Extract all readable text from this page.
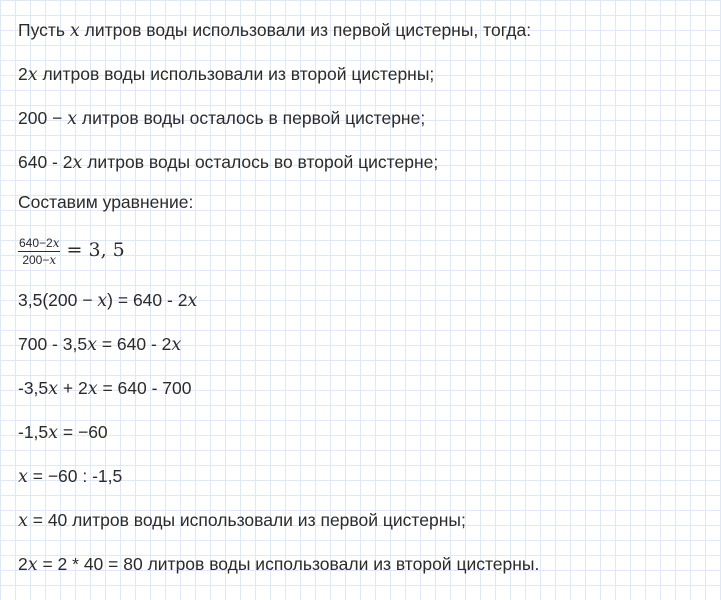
Пусть x литров воды использовали из первой цистерны, тогда:
2x литров воды использовали из второй цистерны;
200 − x литров воды осталось в первой цистерне;
640 - 2x литров воды осталось во второй цистерне;
Составим уравнение:
$\frac{640-2x}{200-x} = 3$, 5
3,5(200 − x) = 640 - 2x
700 - 3,5x = 640 - 2x
-3,5x + 2x = 640 - 700
-1,5x = −60
x = −60 : -1,5
x = 40 литров воды использовали из первой цистерны;
2x = 2 * 40 = 80 литров воды использовали из второй цистерны.
